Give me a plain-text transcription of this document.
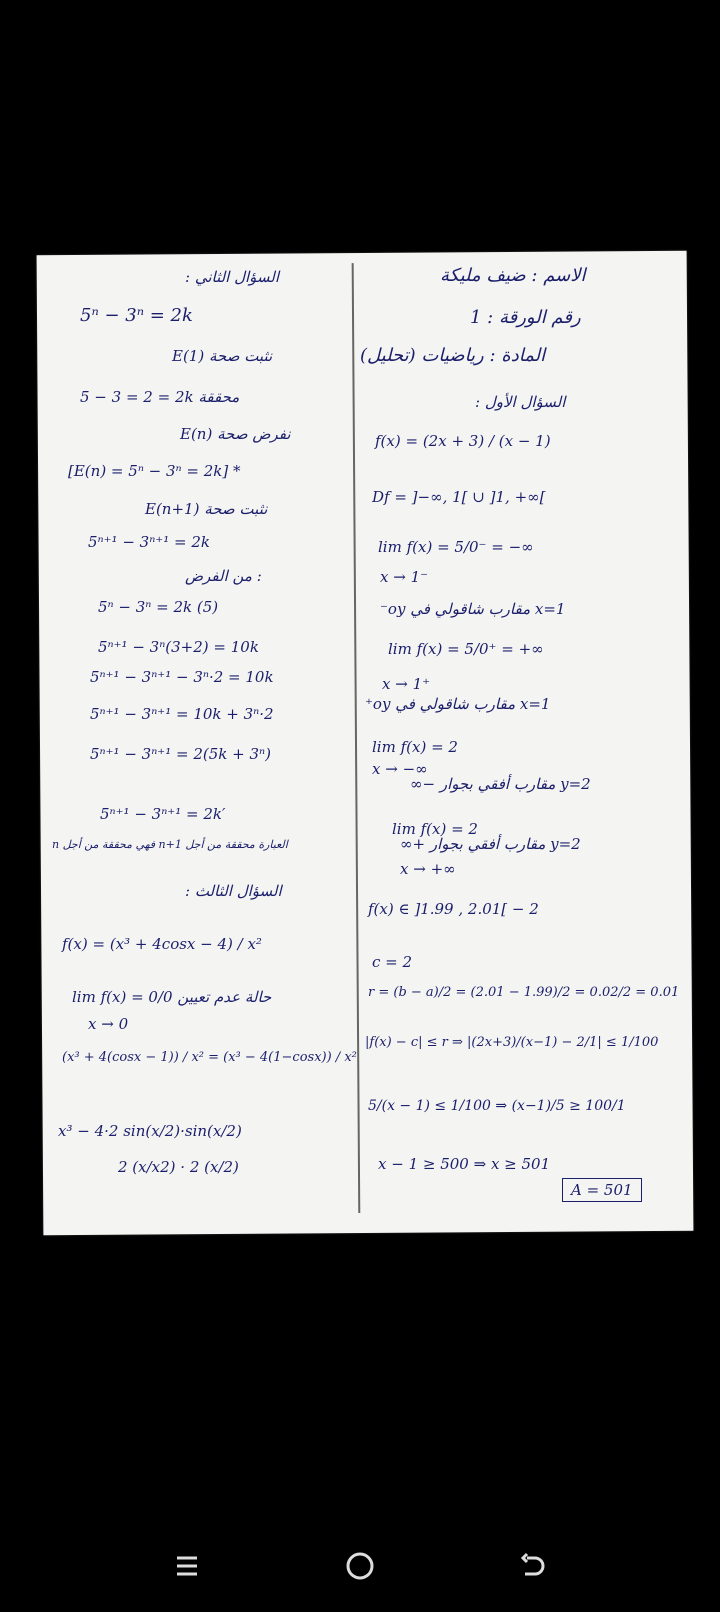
السؤال الثاني :
5ⁿ − 3ⁿ = 2k
E(1) نثبت صحة
5 − 3 = 2 = 2k محققة
E(n) نفرض صحة
[E(n) = 5ⁿ − 3ⁿ = 2k] *
E(n+1) نثبت صحة
5ⁿ⁺¹ − 3ⁿ⁺¹ = 2k
: من الفرض
5ⁿ − 3ⁿ = 2k (5)
5ⁿ⁺¹ − 3ⁿ(3+2) = 10k
5ⁿ⁺¹ − 3ⁿ⁺¹ − 3ⁿ·2 = 10k
5ⁿ⁺¹ − 3ⁿ⁺¹ = 10k + 3ⁿ·2
5ⁿ⁺¹ − 3ⁿ⁺¹ = 2(5k + 3ⁿ)
5ⁿ⁺¹ − 3ⁿ⁺¹ = 2k′
العبارة محققة من أجل n+1 فهي محققة من أجل n
السؤال الثالث :
f(x) = (x³ + 4cosx − 4) / x²
lim f(x) = 0/0 حالة عدم تعيين
x → 0
(x³ + 4(cosx − 1)) / x² = (x³ − 4(1−cosx)) / x²
x³ − 4·2 sin(x/2)·sin(x/2)
2 (x/x2) · 2 (x/2)
الاسم : ضيف مليكة
رقم الورقة : 1
المادة : رياضيات (تحليل)
السؤال الأول :
f(x) = (2x + 3) / (x − 1)
Df = ]−∞, 1[ ∪ ]1, +∞[
lim f(x) = 5/0⁻ = −∞
x → 1⁻
x=1 مقارب شاقولي في oy⁻
lim f(x) = 5/0⁺ = +∞
x → 1⁺
x=1 مقارب شاقولي في oy⁺
lim f(x) = 2
x → −∞
y=2 مقارب أفقي بجوار −∞
lim f(x) = 2
y=2 مقارب أفقي بجوار +∞
x → +∞
f(x) ∈ ]1.99 , 2.01[ − 2
c = 2
r = (b − a)/2 = (2.01 − 1.99)/2 = 0.02/2 = 0.01
|f(x) − c| ≤ r ⇒ |(2x+3)/(x−1) − 2/1| ≤ 1/100
5/(x − 1) ≤ 1/100 ⇒ (x−1)/5 ≥ 100/1
x − 1 ≥ 500 ⇒ x ≥ 501
A = 501
